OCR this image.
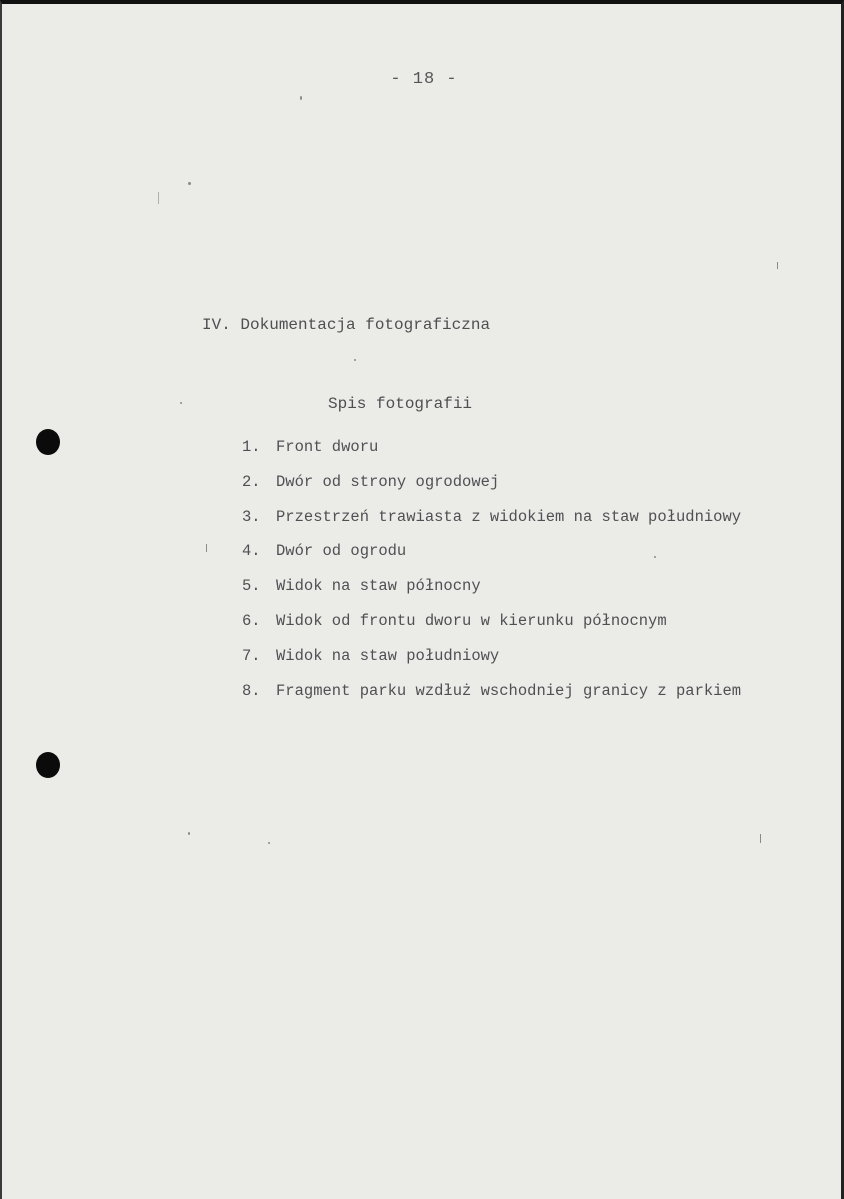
- 18 -
IV. Dokumentacja fotograficzna
Spis fotografii
1. Front dworu
2. Dwór od strony ogrodowej
3. Przestrzeń trawiasta z widokiem na staw południowy
4. Dwór od ogrodu
5. Widok na staw północny
6. Widok od frontu dworu w kierunku północnym
7. Widok na staw południowy
8. Fragment parku wzdłuż wschodniej granicy z parkiem
